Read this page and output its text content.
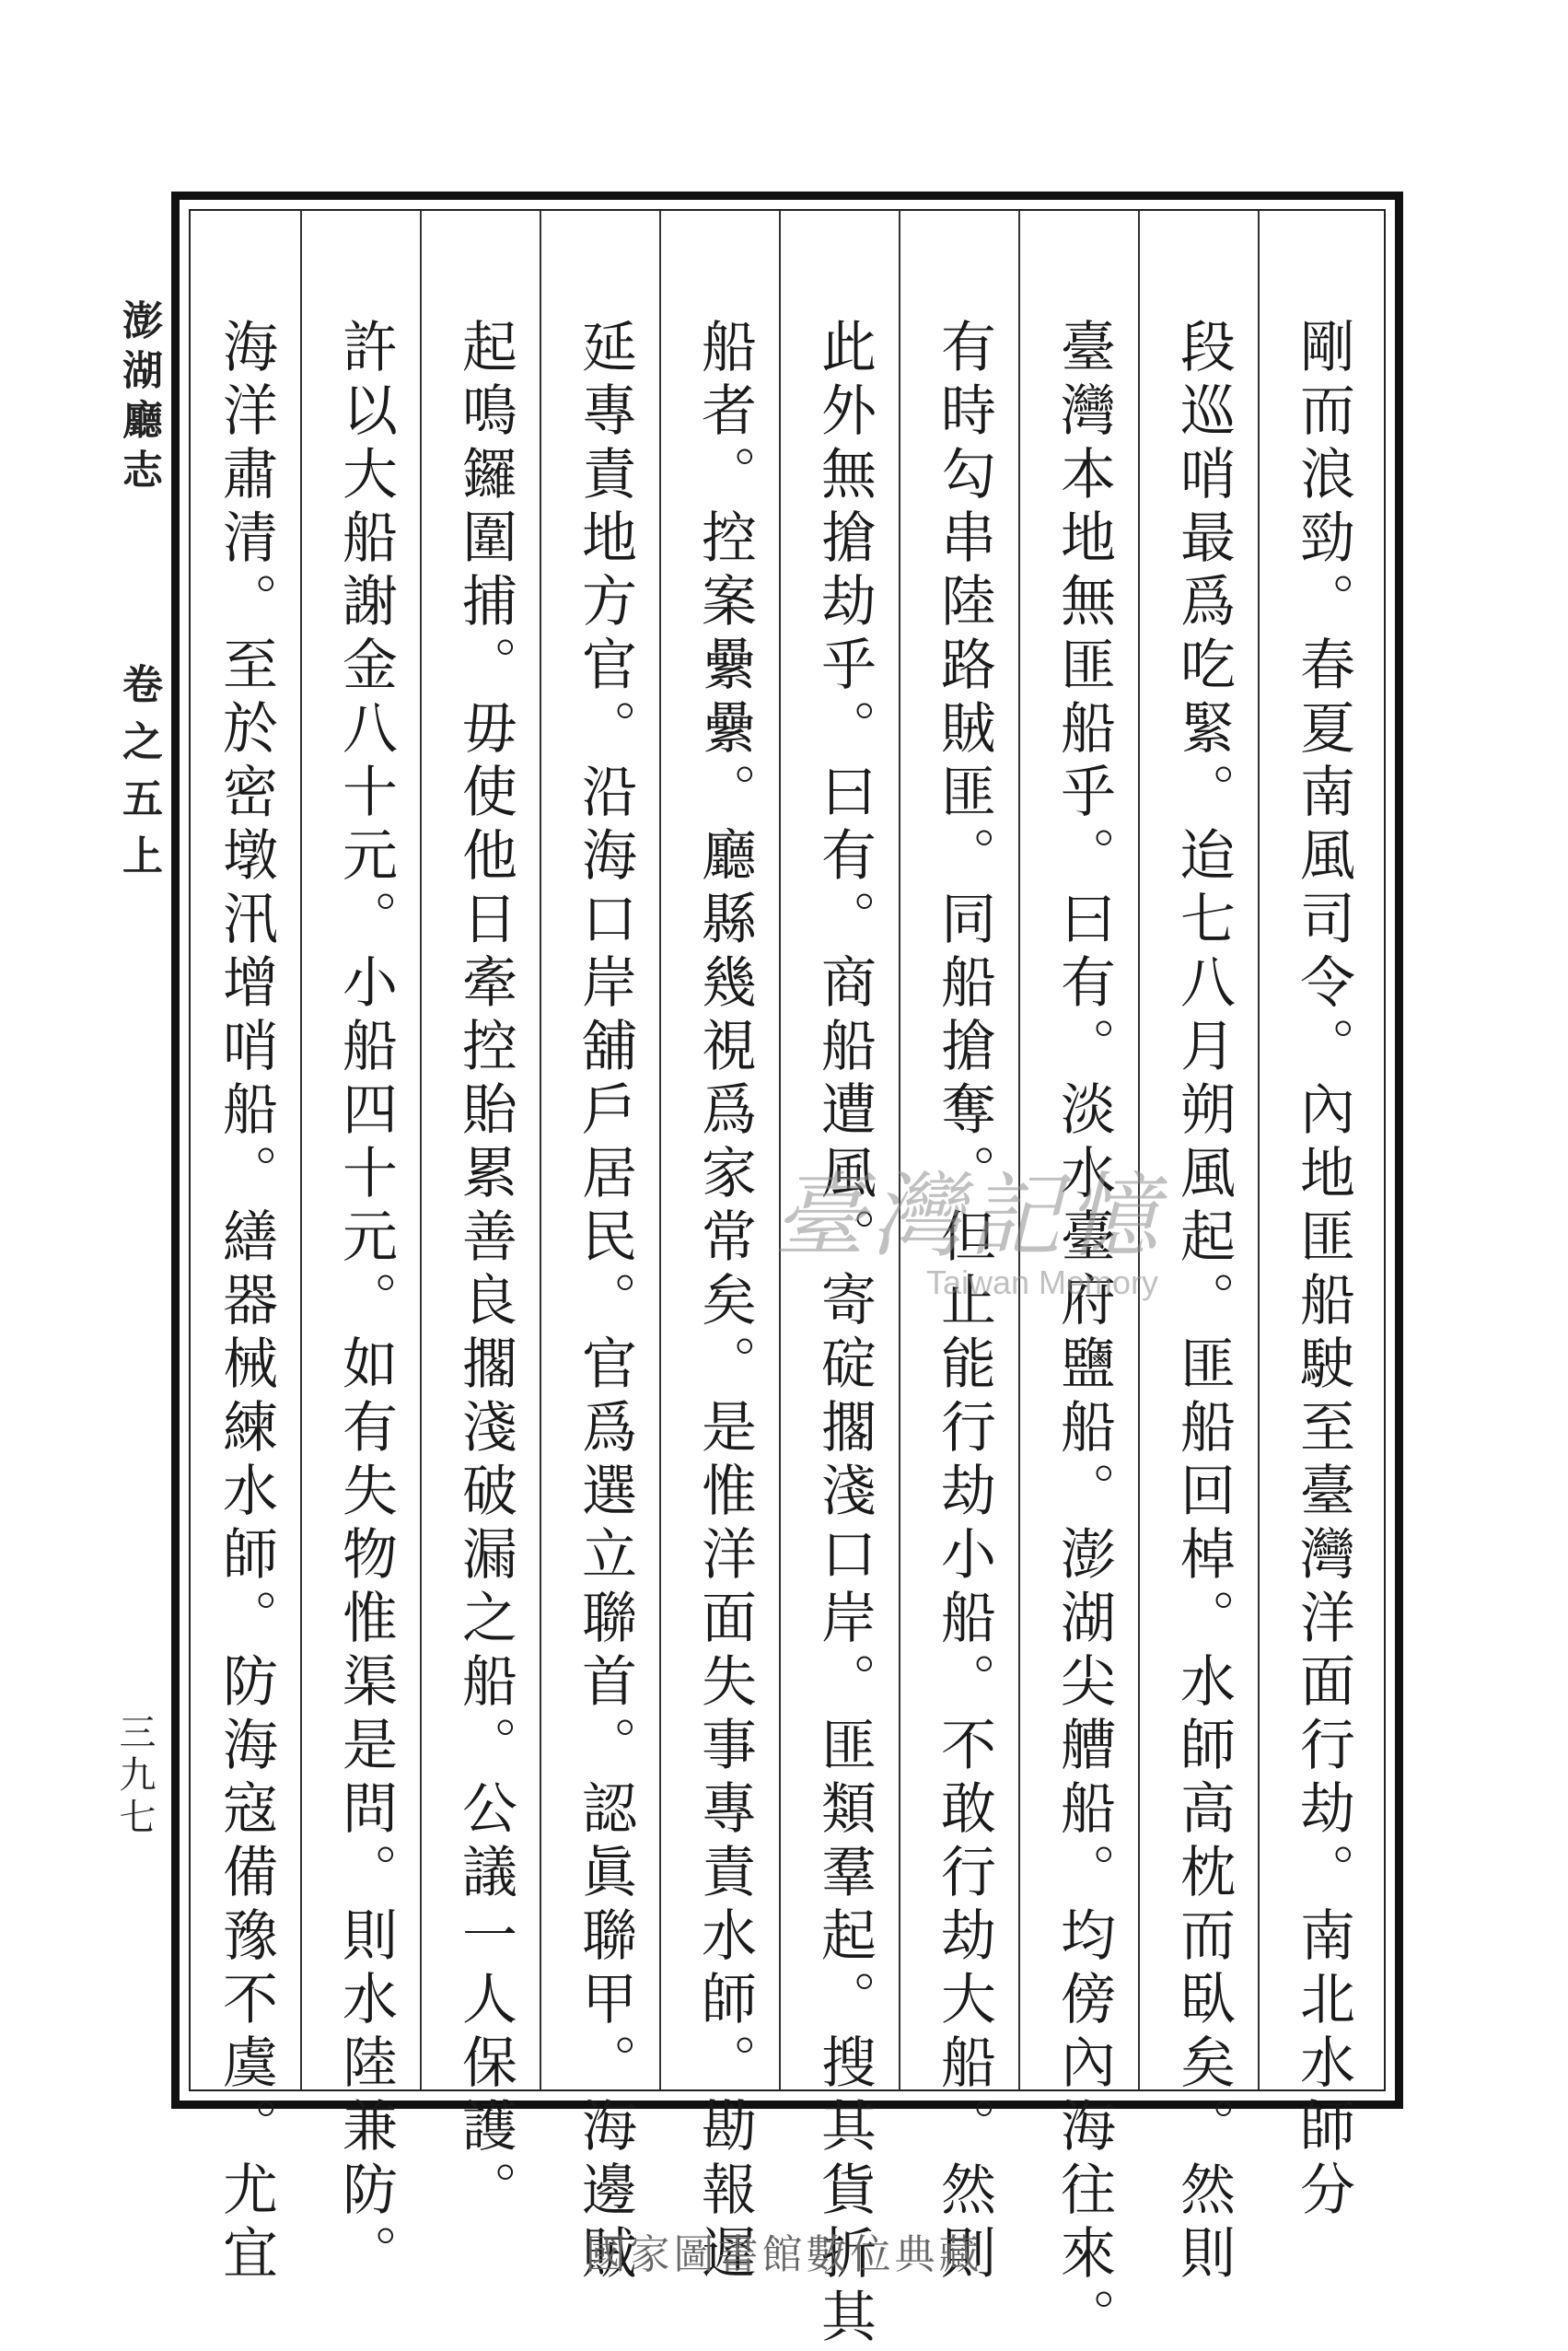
澎湖廳志
卷之五上
三九七	剛而浪勁。春夏南風司令。內地匪船駛至臺灣洋面行劫。南北水師分
段巡哨最爲吃緊。迨七八月朔風起。匪船回棹。水師高枕而臥矣。然則
臺灣本地無匪船乎。曰有。淡水臺府鹽船。澎湖尖艚船。均傍內海往來。
有時勾串陸路賊匪。同船搶奪。但止能行劫小船。不敢行劫大船。然則
此外無搶劫乎。曰有。商船遭風。寄碇擱淺口岸。匪類羣起。搜其貨折其
船者。控案纍纍。廳縣幾視爲家常矣。是惟洋面失事專責水師。勘報遲
延專責地方官。沿海口岸舖戶居民。官爲選立聯首。認眞聯甲。海邊賊
起鳴鑼圍捕。毋使他日牽控貽累善良擱淺破漏之船。公議一人保護。
許以大船謝金八十元。小船四十元。如有失物惟渠是問。則水陸兼防。
海洋肅清。至於密墩汛增哨船。繕器械練水師。防海寇備豫不虞。尤宜	臺灣記憶
Taiwan Memory
國家圖書館數位典藏
